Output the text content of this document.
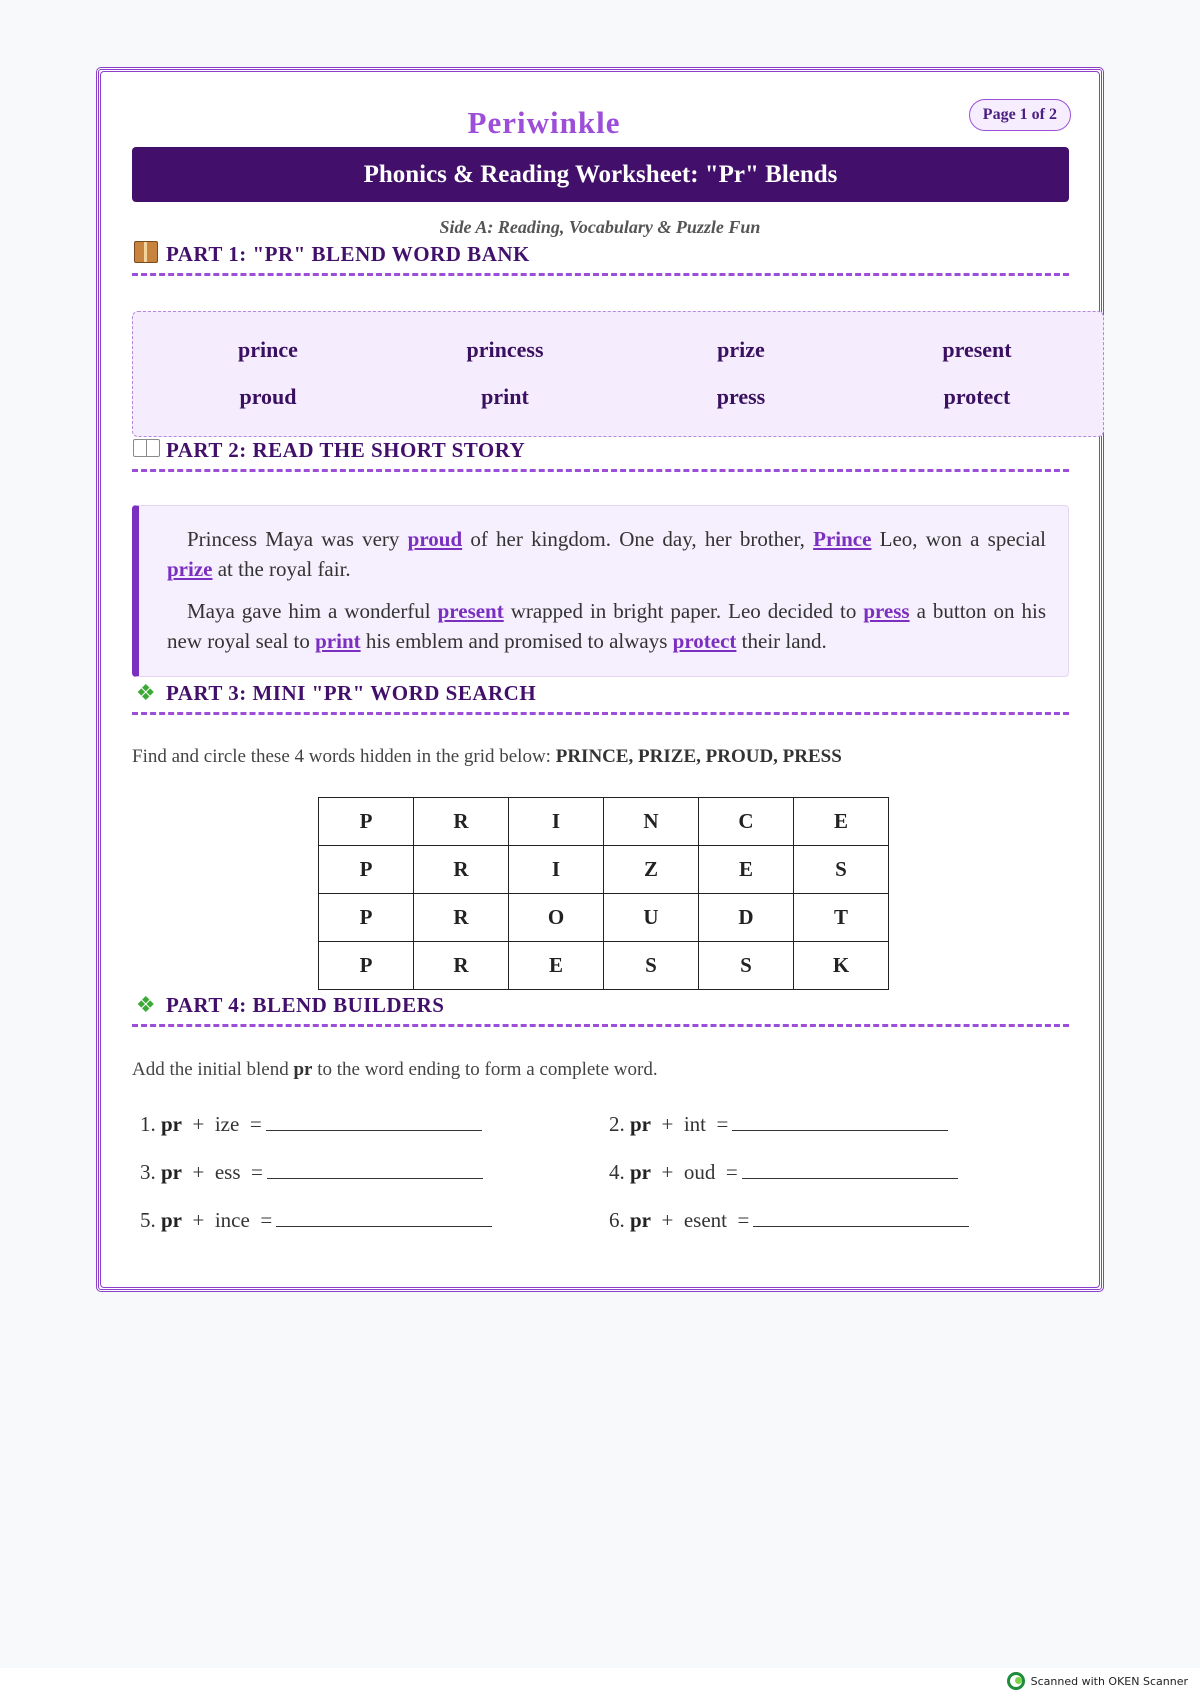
Periwinkle	Page 1 of 2
Phonics & Reading Worksheet: "Pr" Blends
Side A: Reading, Vocabulary & Puzzle Fun
PART 1: "PR" BLEND WORD BANK
prince	princess	prize	present
proud	print	press	protect
PART 2: READ THE SHORT STORY

Princess Maya was very proud of her kingdom. One day, her brother, Prince Leo, won a special prize at the royal fair.

Maya gave him a wonderful present wrapped in bright paper. Leo decided to press a button on his new royal seal to print his emblem and promised to always protect their land.

❖ PART 3: MINI "PR" WORD SEARCH
Find and circle these 4 words hidden in the grid below: PRINCE, PRIZE, PROUD, PRESS
P	R	I	N	C	E
P	R	I	Z	E	S
P	R	O	U	D	T
P	R	E	S	S	K
❖ PART 4: BLEND BUILDERS
Add the initial blend pr to the word ending to form a complete word.
1. pr  +  ize  =	2. pr  +  int  =
3. pr  +  ess  =	4. pr  +  oud  =
5. pr  +  ince  =	6. pr  +  esent  =
Scanned with OKEN Scanner
